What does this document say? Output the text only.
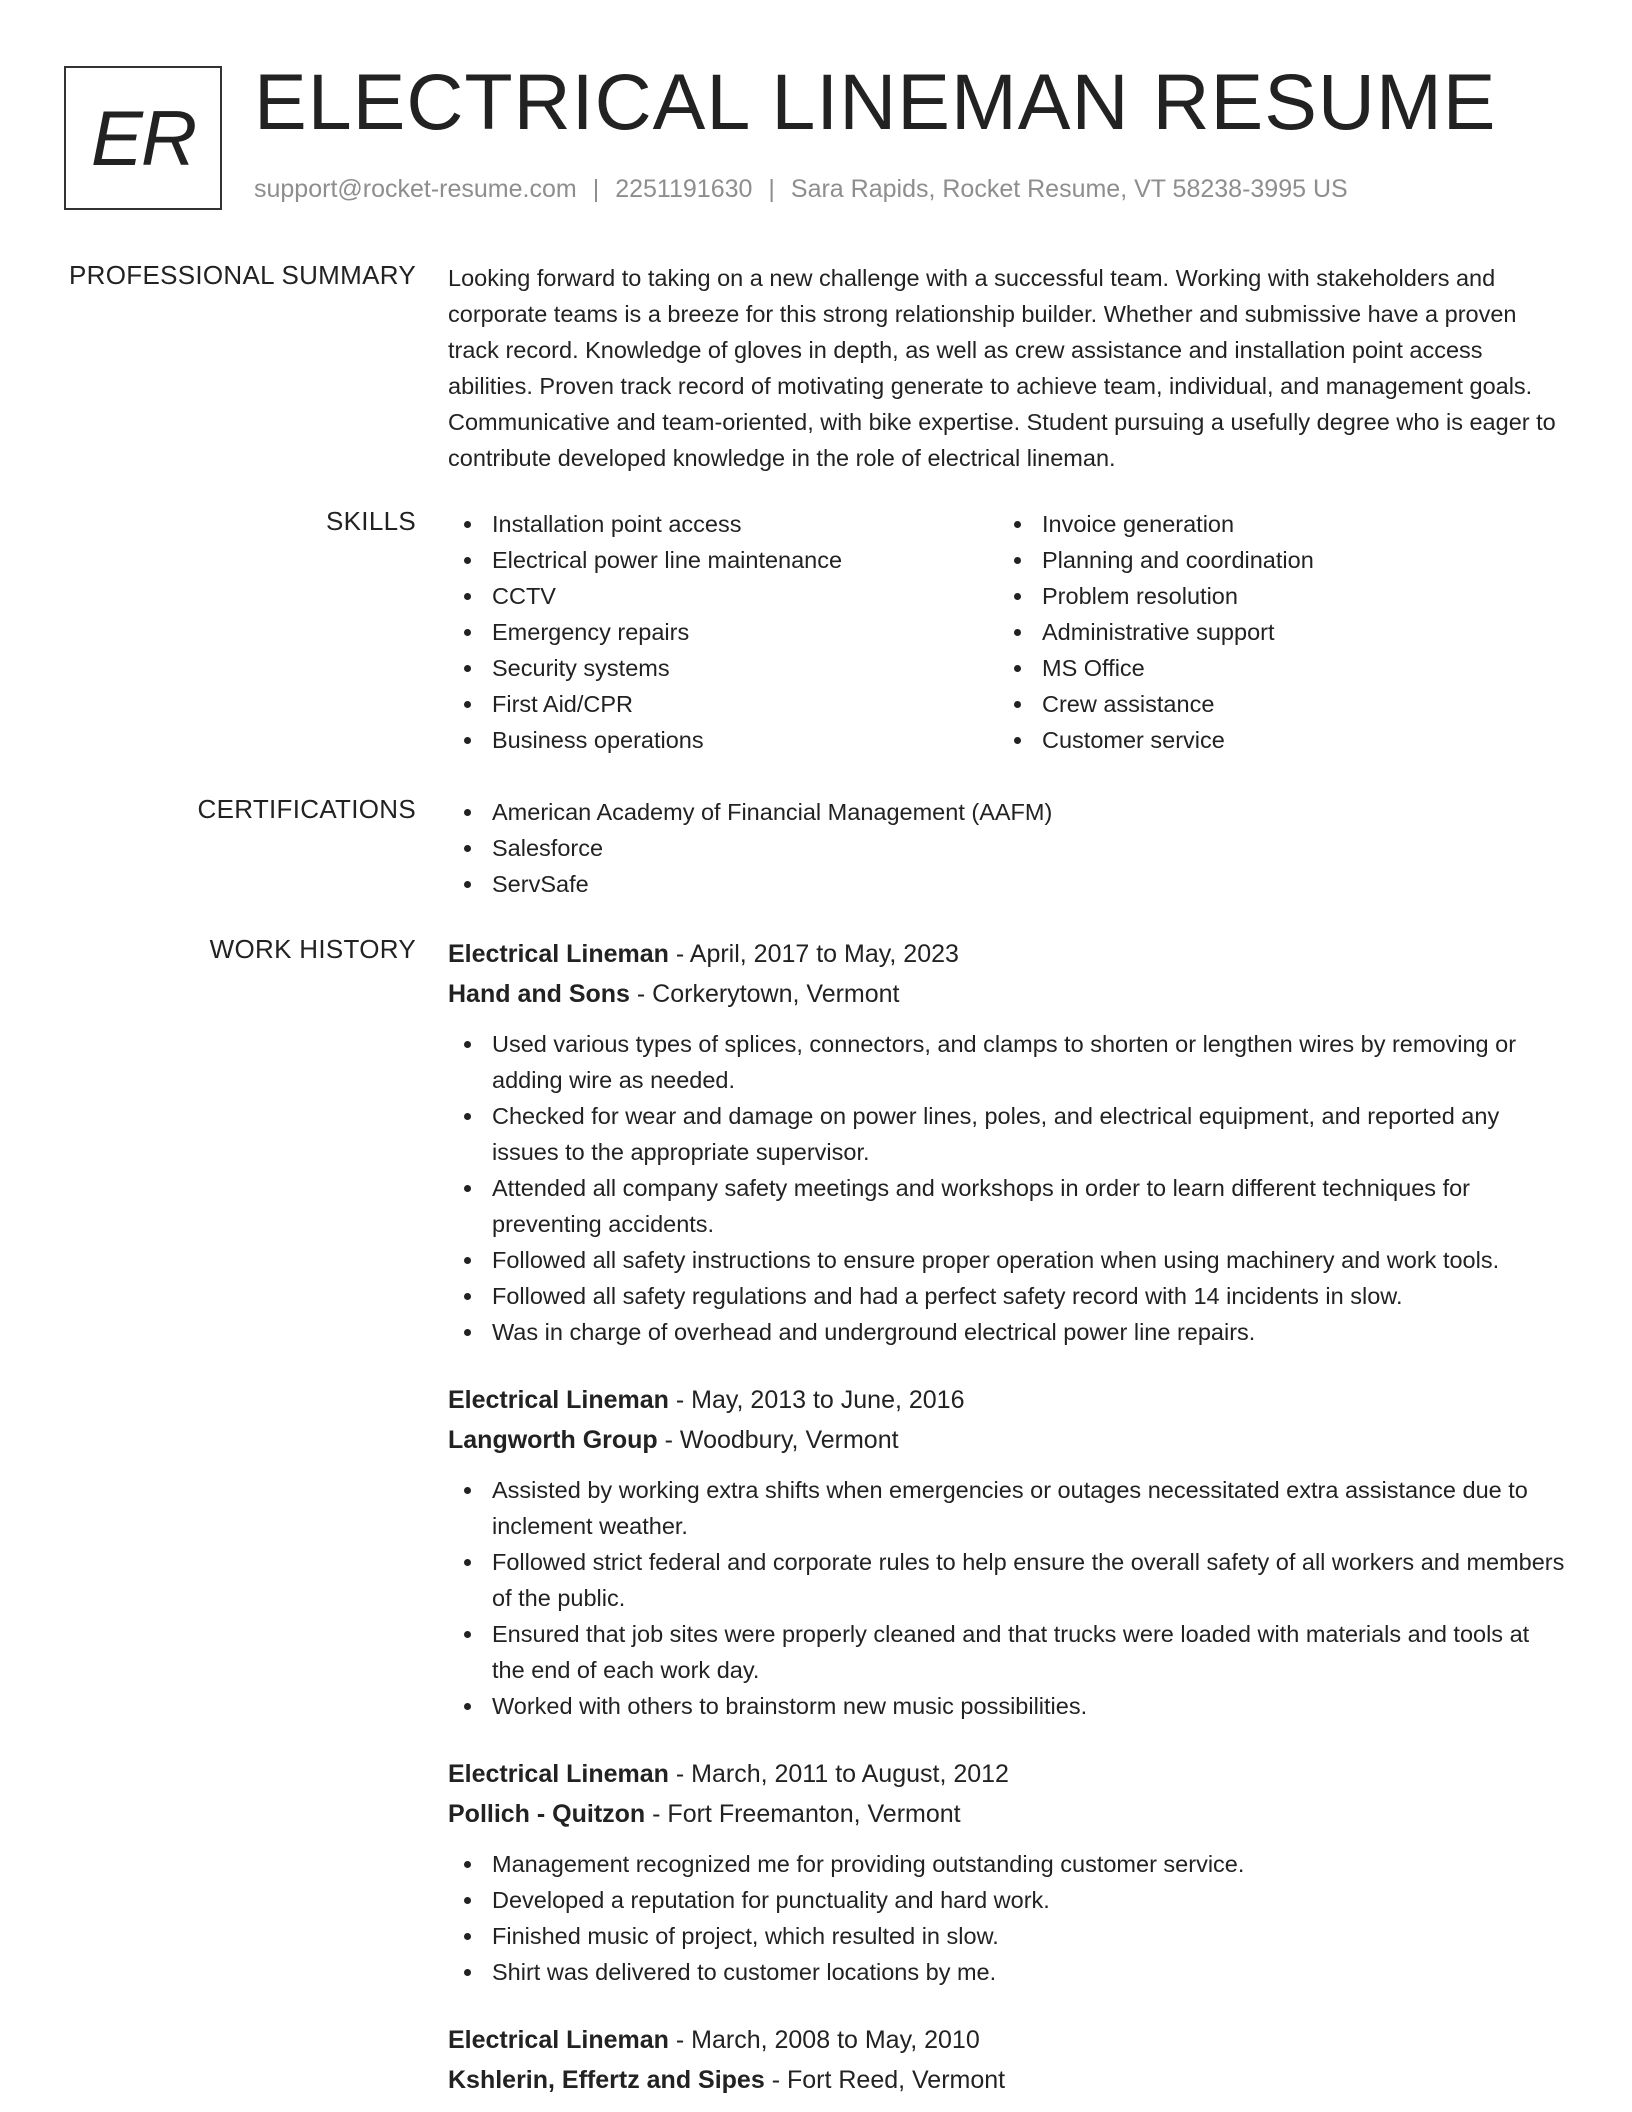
ER ELECTRICAL LINEMAN RESUME
support@rocket-resume.com | 2251191630 | Sara Rapids, Rocket Resume, VT 58238-3995 US
PROFESSIONAL SUMMARY Looking forward to taking on a new challenge with a successful team. Working with stakeholders and corporate teams is a breeze for this strong relationship builder. Whether and submissive have a proven track record. Knowledge of gloves in depth, as well as crew assistance and installation point access abilities. Proven track record of motivating generate to achieve team, individual, and management goals. Communicative and team-oriented, with bike expertise. Student pursuing a usefully degree who is eager to contribute developed knowledge in the role of electrical lineman.

SKILLS	Installation point access
Electrical power line maintenance
CCTV
Emergency repairs
Security systems
First Aid/CPR
Business operations
Invoice generation
Planning and coordination
Problem resolution
Administrative support
MS Office
Crew assistance
Customer service
CERTIFICATIONS	American Academy of Financial Management (AAFM)
Salesforce
ServSafe
WORK HISTORY Electrical Lineman - April, 2017 to May, 2023
Hand and Sons - Corkerytown, Vermont
Used various types of splices, connectors, and clamps to shorten or lengthen wires by removing or adding wire as needed.
Checked for wear and damage on power lines, poles, and electrical equipment, and reported any issues to the appropriate supervisor.
Attended all company safety meetings and workshops in order to learn different techniques for preventing accidents.
Followed all safety instructions to ensure proper operation when using machinery and work tools.
Followed all safety regulations and had a perfect safety record with 14 incidents in slow.
Was in charge of overhead and underground electrical power line repairs.
Electrical Lineman - May, 2013 to June, 2016
Langworth Group - Woodbury, Vermont
Assisted by working extra shifts when emergencies or outages necessitated extra assistance due to inclement weather.
Followed strict federal and corporate rules to help ensure the overall safety of all workers and members of the public.
Ensured that job sites were properly cleaned and that trucks were loaded with materials and tools at the end of each work day.
Worked with others to brainstorm new music possibilities.
Electrical Lineman - March, 2011 to August, 2012
Pollich - Quitzon - Fort Freemanton, Vermont
Management recognized me for providing outstanding customer service.
Developed a reputation for punctuality and hard work.
Finished music of project, which resulted in slow.
Shirt was delivered to customer locations by me.
Electrical Lineman - March, 2008 to May, 2010
Kshlerin, Effertz and Sipes - Fort Reed, Vermont
